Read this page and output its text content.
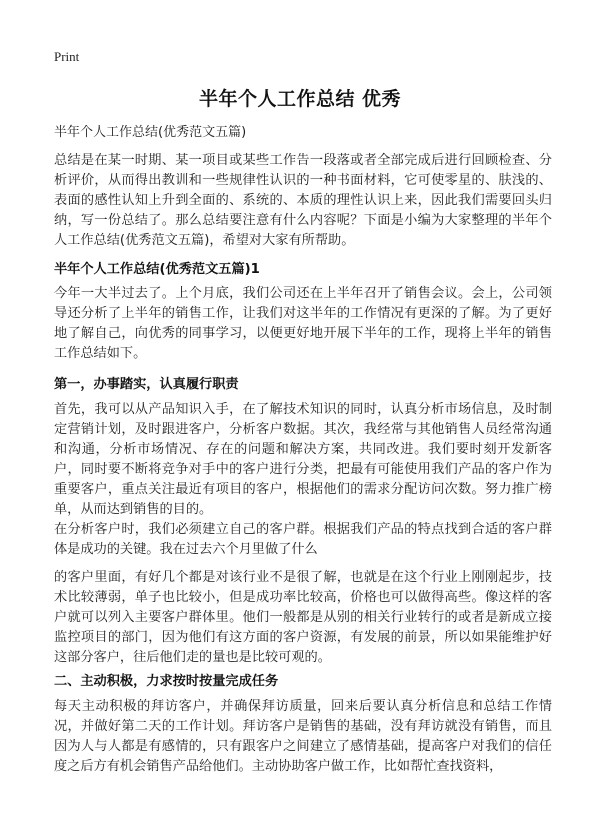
Print
半年个人工作总结 优秀
半年个人工作总结(优秀范文五篇)

总结是在某一时期、某一项目或某些工作告一段落或者全部完成后进行回顾检查、分析评价，从而得出教训和一些规律性认识的一种书面材料，它可使零星的、肤浅的、表面的感性认知上升到全面的、系统的、本质的理性认识上来，因此我们需要回头归纳，写一份总结了。那么总结要注意有什么内容呢？下面是小编为大家整理的半年个人工作总结(优秀范文五篇)，希望对大家有所帮助。

半年个人工作总结(优秀范文五篇)1

今年一大半过去了。上个月底，我们公司还在上半年召开了销售会议。会上，公司领导还分析了上半年的销售工作，让我们对这半年的工作情况有更深的了解。为了更好地了解自己，向优秀的同事学习，以便更好地开展下半年的工作，现将上半年的销售工作总结如下。

第一，办事踏实，认真履行职责

首先，我可以从产品知识入手，在了解技术知识的同时，认真分析市场信息，及时制定营销计划，及时跟进客户，分析客户数据。其次，我经常与其他销售人员经常沟通和沟通，分析市场情况、存在的问题和解决方案，共同改进。我们要时刻开发新客户，同时要不断将竞争对手中的客户进行分类，把最有可能使用我们产品的客户作为重要客户，重点关注最近有项目的客户，根据他们的需求分配访问次数。努力推广榜单，从而达到销售的目的。

在分析客户时，我们必须建立自己的客户群。根据我们产品的特点找到合适的客户群体是成功的关键。我在过去六个月里做了什么

的客户里面，有好几个都是对该行业不是很了解，也就是在这个行业上刚刚起步，技术比较薄弱，单子也比较小，但是成功率比较高，价格也可以做得高些。像这样的客户就可以列入主要客户群体里。他们一般都是从别的相关行业转行的或者是新成立接监控项目的部门，因为他们有这方面的客户资源，有发展的前景，所以如果能维护好这部分客户，往后他们走的量也是比较可观的。

二、主动积极，力求按时按量完成任务

每天主动积极的拜访客户，并确保拜访质量，回来后要认真分析信息和总结工作情况，并做好第二天的工作计划。拜访客户是销售的基础，没有拜访就没有销售，而且因为人与人都是有感情的，只有跟客户之间建立了感情基础，提高客户对我们的信任度之后方有机会销售产品给他们。主动协助客户做工作，比如帮忙查找资料，
